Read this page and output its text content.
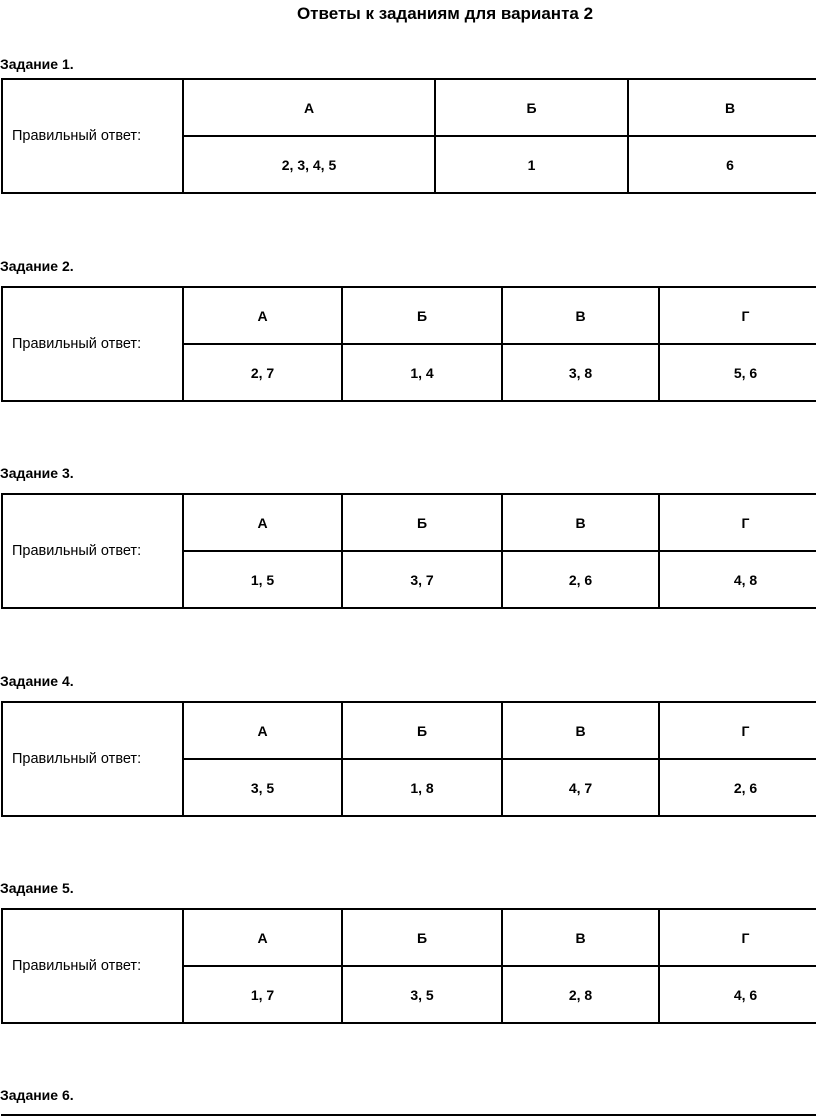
Ответы к заданиям для варианта 2
Задание 1.
Правильный ответ:	А	Б	В
	2, 3, 4, 5	1	6
Задание 2.
Правильный ответ:	А	Б	В	Г
	2, 7	1, 4	3, 8	5, 6
Задание 3.
Правильный ответ:	А	Б	В	Г
	1, 5	3, 7	2, 6	4, 8
Задание 4.
Правильный ответ:	А	Б	В	Г
	3, 5	1, 8	4, 7	2, 6
Задание 5.
Правильный ответ:	А	Б	В	Г
	1, 7	3, 5	2, 8	4, 6
Задание 6.
